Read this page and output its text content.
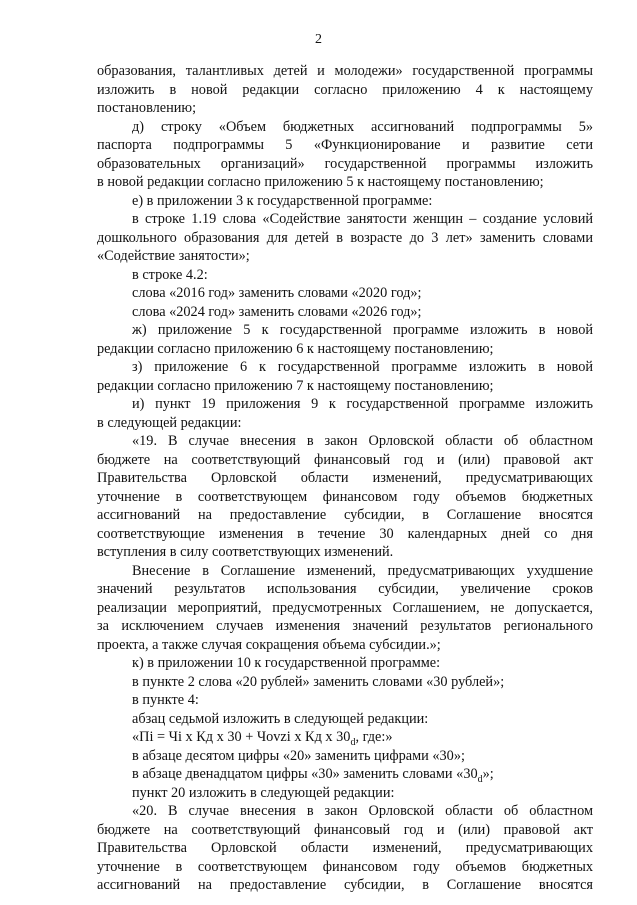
2
образования, талантливых детей и молодежи» государственной программы
изложить в новой редакции согласно приложению 4 к настоящему
постановлению;
д) строку «Объем бюджетных ассигнований подпрограммы 5»
паспорта подпрограммы 5 «Функционирование и развитие сети
образовательных организаций» государственной программы изложить
в новой редакции согласно приложению 5 к настоящему постановлению;
е) в приложении 3 к государственной программе:
в строке 1.19 слова «Содействие занятости женщин – создание условий
дошкольного образования для детей в возрасте до 3 лет» заменить словами
«Содействие занятости»;
в строке 4.2:
слова «2016 год» заменить словами «2020 год»;
слова «2024 год» заменить словами «2026 год»;
ж) приложение 5 к государственной программе изложить в новой
редакции согласно приложению 6 к настоящему постановлению;
з) приложение 6 к государственной программе изложить в новой
редакции согласно приложению 7 к настоящему постановлению;
и) пункт 19 приложения 9 к государственной программе изложить
в следующей редакции:
«19. В случае внесения в закон Орловской области об областном
бюджете на соответствующий финансовый год и (или) правовой акт
Правительства Орловской области изменений, предусматривающих
уточнение в соответствующем финансовом году объемов бюджетных
ассигнований на предоставление субсидии, в Соглашение вносятся
соответствующие изменения в течение 30 календарных дней со дня
вступления в силу соответствующих изменений.
Внесение в Соглашение изменений, предусматривающих ухудшение
значений результатов использования субсидии, увеличение сроков
реализации мероприятий, предусмотренных Соглашением, не допускается,
за исключением случаев изменения значений результатов регионального
проекта, а также случая сокращения объема субсидии.»;
к) в приложении 10 к государственной программе:
в пункте 2 слова «20 рублей» заменить словами «30 рублей»;
в пункте 4:
абзац седьмой изложить в следующей редакции:
«Пi = Чi х Кд х 30 + Чovzi х Кд х $30_d$, где:»
в абзаце десятом цифры «20» заменить цифрами «30»;
в абзаце двенадцатом цифры «30» заменить словами «$30_d$»;
пункт 20 изложить в следующей редакции:
«20. В случае внесения в закон Орловской области об областном
бюджете на соответствующий финансовый год и (или) правовой акт
Правительства Орловской области изменений, предусматривающих
уточнение в соответствующем финансовом году объемов бюджетных
ассигнований на предоставление субсидии, в Соглашение вносятся
